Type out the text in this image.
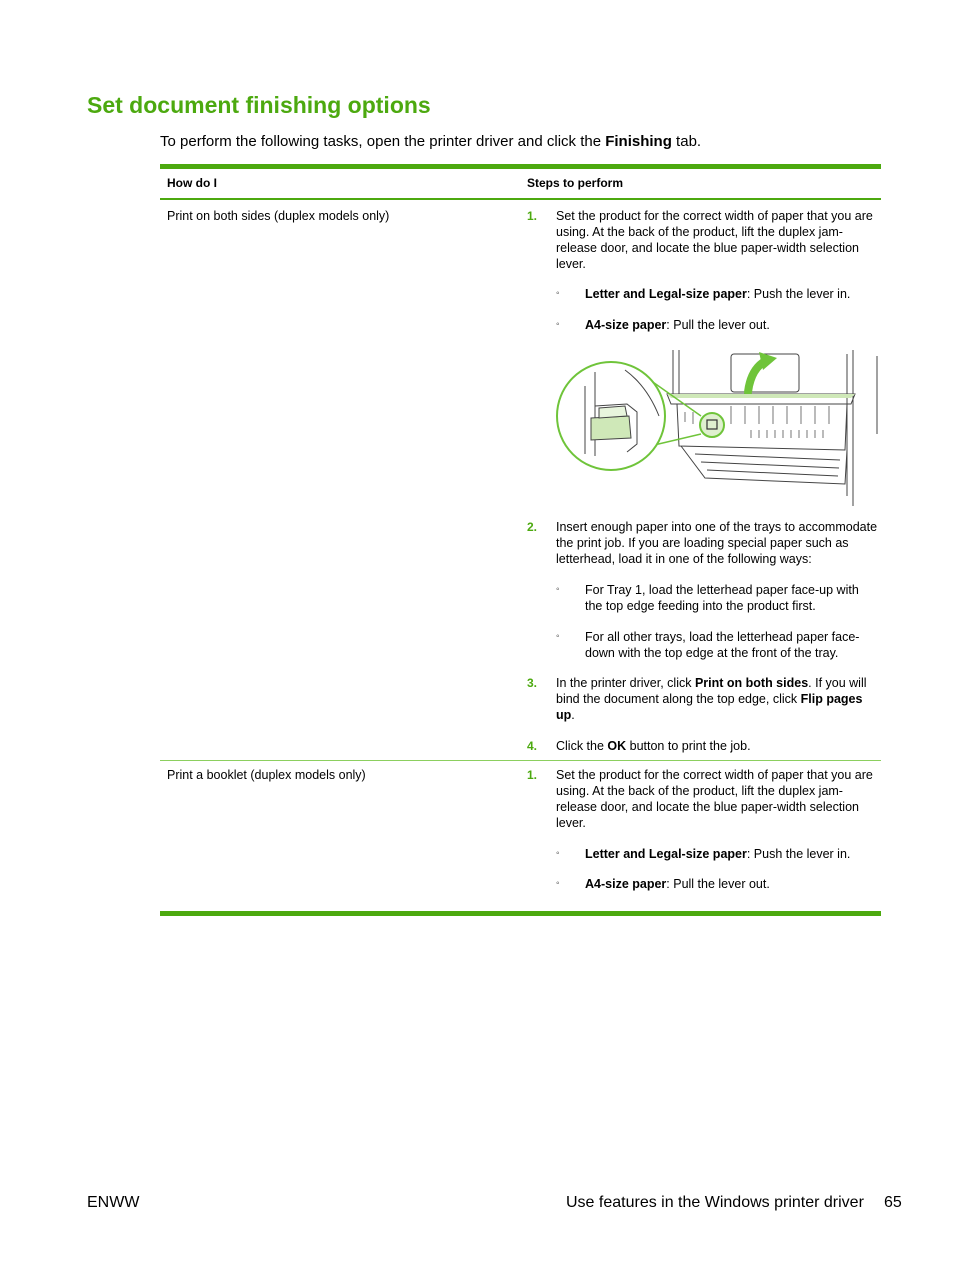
Set document finishing options

To perform the following tasks, open the printer driver and click the Finishing tab.

How do I	Steps to perform
Print on both sides (duplex models only)	1. Set the product for the correct width of paper that you are using. At the back of the product, lift the duplex jam-release door, and locate the blue paper-width selection lever.

◦ Letter and Legal-size paper: Push the lever in.

◦ A4-size paper: Pull the lever out.

2. Insert enough paper into one of the trays to accommodate the print job. If you are loading special paper such as letterhead, load it in one of the following ways:

◦ For Tray 1, load the letterhead paper face-up with the top edge feeding into the product first.

◦ For all other trays, load the letterhead paper face-down with the top edge at the front of the tray.

3. In the printer driver, click Print on both sides. If you will bind the document along the top edge, click Flip pages up.

4. Click the OK button to print the job.

Print a booklet (duplex models only)	1. Set the product for the correct width of paper that you are using. At the back of the product, lift the duplex jam-release door, and locate the blue paper-width selection lever.

◦ Letter and Legal-size paper: Push the lever in.

◦ A4-size paper: Pull the lever out.

ENWW	Use features in the Windows printer driver 65
